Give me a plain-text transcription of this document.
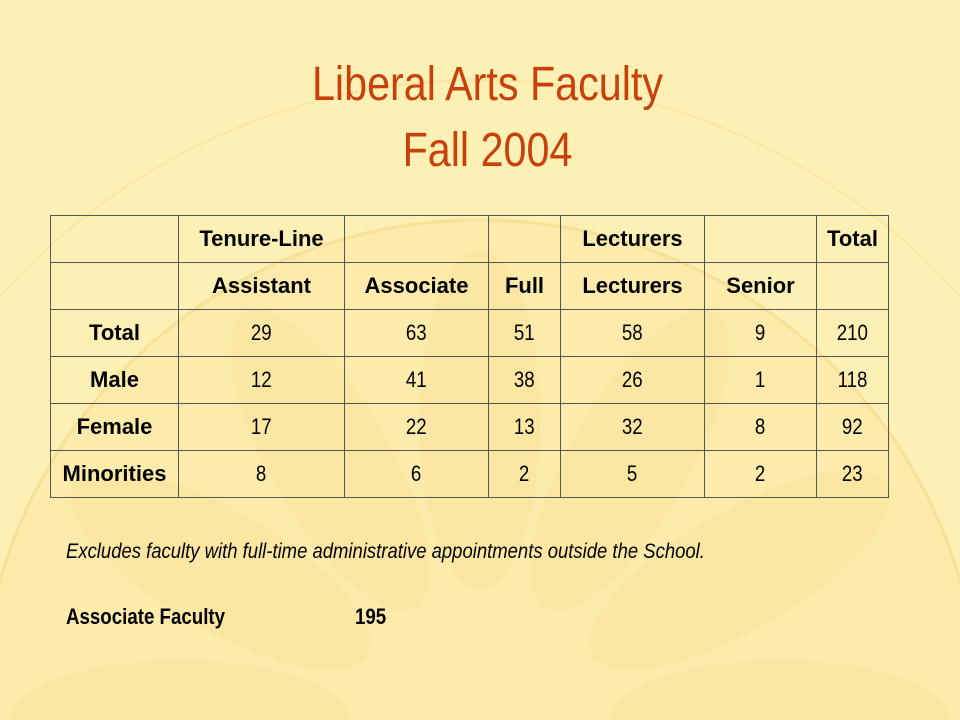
Liberal Arts Faculty
Fall 2004
	Tenure-Line			Lecturers		Total
	Assistant	Associate	Full	Lecturers	Senior	
Total	29	63	51	58	9	210
Male	12	41	38	26	1	118
Female	17	22	13	32	8	92
Minorities	8	6	2	5	2	23
Excludes faculty with full-time administrative appointments outside the School.
Associate Faculty	195
